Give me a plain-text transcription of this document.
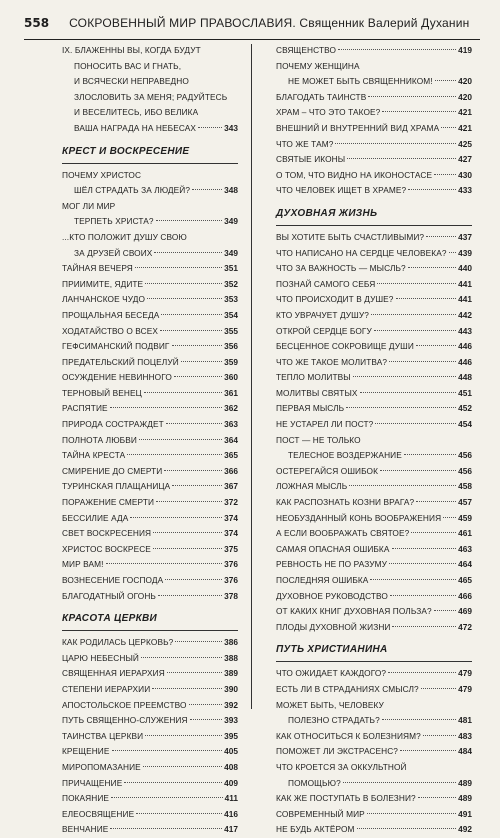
558 СОКРОВЕННЫЙ МИР ПРАВОСЛАВИЯ. Священник Валерий Духанин
IX. БЛАЖЕННЫ ВЫ, КОГДА БУДУТ
ПОНОСИТЬ ВАС И ГНАТЬ,
И ВСЯЧЕСКИ НЕПРАВЕДНО
ЗЛОСЛОВИТЬ ЗА МЕНЯ; РАДУЙТЕСЬ
И ВЕСЕЛИТЕСЬ, ИБО ВЕЛИКА
ВАША НАГРАДА НА НЕБЕСАХ	343
КРЕСТ И ВОСКРЕСЕНИЕ
ПОЧЕМУ ХРИСТОС
ШЁЛ СТРАДАТЬ ЗА ЛЮДЕЙ?	348
МОГ ЛИ МИР
ТЕРПЕТЬ ХРИСТА?	349
...КТО ПОЛОЖИТ ДУШУ СВОЮ
ЗА ДРУЗЕЙ СВОИХ	349
ТАЙНАЯ ВЕЧЕРЯ	351
ПРИИМИТЕ, ЯДИТЕ	352
ЛАНЧАНСКОЕ ЧУДО	353
ПРОЩАЛЬНАЯ БЕСЕДА	354
ХОДАТАЙСТВО О ВСЕХ	355
ГЕФСИМАНСКИЙ ПОДВИГ	356
ПРЕДАТЕЛЬСКИЙ ПОЦЕЛУЙ	359
ОСУЖДЕНИЕ НЕВИННОГО	360
ТЕРНОВЫЙ ВЕНЕЦ	361
РАСПЯТИЕ	362
ПРИРОДА СОСТРАЖДЕТ	363
ПОЛНОТА ЛЮБВИ	364
ТАЙНА КРЕСТА	365
СМИРЕНИЕ ДО СМЕРТИ	366
ТУРИНСКАЯ ПЛАЩАНИЦА	367
ПОРАЖЕНИЕ СМЕРТИ	372
БЕССИЛИЕ АДА	374
СВЕТ ВОСКРЕСЕНИЯ	374
ХРИСТОС ВОСКРЕСЕ	375
МИР ВАМ!	376
ВОЗНЕСЕНИЕ ГОСПОДА	376
БЛАГОДАТНЫЙ ОГОНЬ	378
КРАСОТА ЦЕРКВИ
КАК РОДИЛАСЬ ЦЕРКОВЬ?	386
ЦАРЮ НЕБЕСНЫЙ	388
СВЯЩЕННАЯ ИЕРАРХИЯ	389
СТЕПЕНИ ИЕРАРХИИ	390
АПОСТОЛЬСКОЕ ПРЕЕМСТВО	392
ПУТЬ СВЯЩЕННО-СЛУЖЕНИЯ	393
ТАИНСТВА ЦЕРКВИ	395
КРЕЩЕНИЕ	405
МИРОПОМАЗАНИЕ	408
ПРИЧАЩЕНИЕ	409
ПОКАЯНИЕ	411
ЕЛЕОСВЯЩЕНИЕ	416
ВЕНЧАНИЕ	417
СВЯЩЕНСТВО	419
ПОЧЕМУ ЖЕНЩИНА
НЕ МОЖЕТ БЫТЬ СВЯЩЕННИКОМ!	420
БЛАГОДАТЬ ТАИНСТВ	420
ХРАМ – ЧТО ЭТО ТАКОЕ?	421
ВНЕШНИЙ И ВНУТРЕННИЙ ВИД ХРАМА 421
ЧТО ЖЕ ТАМ?	425
СВЯТЫЕ ИКОНЫ	427
О ТОМ, ЧТО ВИДНО НА ИКОНОСТАСЕ	430
ЧТО ЧЕЛОВЕК ИЩЕТ В ХРАМЕ?	433
ДУХОВНАЯ ЖИЗНЬ
ВЫ ХОТИТЕ БЫТЬ СЧАСТЛИВЫМИ?	437
ЧТО НАПИСАНО НА СЕРДЦЕ ЧЕЛОВЕКА? 439
ЧТО ЗА ВАЖНОСТЬ — МЫСЛЬ?	440
ПОЗНАЙ САМОГО СЕБЯ	441
ЧТО ПРОИСХОДИТ В ДУШЕ?	441
КТО УВРАЧУЕТ ДУШУ?	442
ОТКРОЙ СЕРДЦЕ БОГУ	443
БЕСЦЕННОЕ СОКРОВИЩЕ ДУШИ	446
ЧТО ЖЕ ТАКОЕ МОЛИТВА?	446
ТЕПЛО МОЛИТВЫ	448
МОЛИТВЫ СВЯТЫХ	451
ПЕРВАЯ МЫСЛЬ	452
НЕ УСТАРЕЛ ЛИ ПОСТ?	454
ПОСТ — НЕ ТОЛЬКО
ТЕЛЕСНОЕ ВОЗДЕРЖАНИЕ	456
ОСТЕРЕГАЙСЯ ОШИБОК	456
ЛОЖНАЯ МЫСЛЬ	458
КАК РАСПОЗНАТЬ КОЗНИ ВРАГА?	457
НЕОБУЗДАННЫЙ КОНЬ ВООБРАЖЕНИЯ 459
А ЕСЛИ ВООБРАЖАТЬ СВЯТОЕ?	461
САМАЯ ОПАСНАЯ ОШИБКА	463
РЕВНОСТЬ НЕ ПО РАЗУМУ	464
ПОСЛЕДНЯЯ ОШИБКА	465
ДУХОВНОЕ РУКОВОДСТВО	466
ОТ КАКИХ КНИГ ДУХОВНАЯ ПОЛЬЗА?	469
ПЛОДЫ ДУХОВНОЙ ЖИЗНИ	472
ПУТЬ ХРИСТИАНИНА
ЧТО ОЖИДАЕТ КАЖДОГО?	479
ЕСТЬ ЛИ В СТРАДАНИЯХ СМЫСЛ?	479
МОЖЕТ БЫТЬ, ЧЕЛОВЕКУ
ПОЛЕЗНО СТРАДАТЬ?	481
КАК ОТНОСИТЬСЯ К БОЛЕЗНИЯМ?	483
ПОМОЖЕТ ЛИ ЭКСТРАСЕНС?	484
ЧТО КРОЕТСЯ ЗА ОККУЛЬТНОЙ
ПОМОЩЬЮ?	489
КАК ЖЕ ПОСТУПАТЬ В БОЛЕЗНИ?	489
СОВРЕМЕННЫЙ МИР	491
НЕ БУДЬ АКТЁРОМ	492
